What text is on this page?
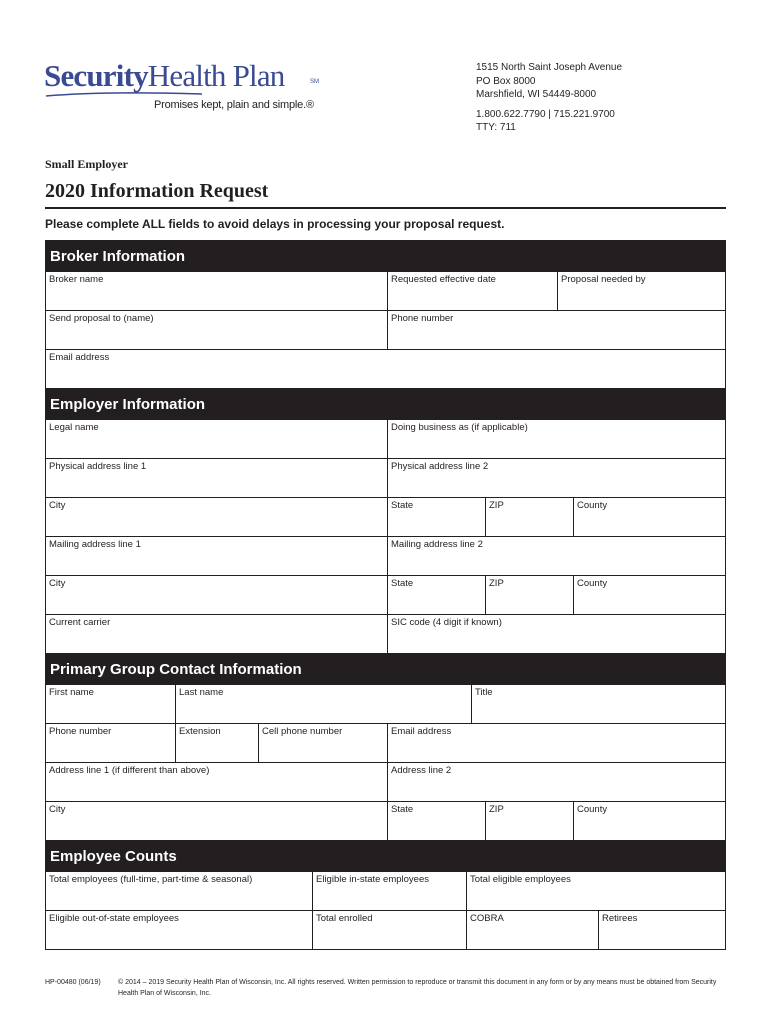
SecurityHealth Plan	SM
Promises kept, plain and simple.®
1515 North Saint Joseph Avenue
PO Box 8000
Marshfield, WI 54449-8000
1.800.622.7790 | 715.221.9700
TTY: 711
Small Employer
2020 Information Request
Please complete ALL fields to avoid delays in processing your proposal request.
Broker Information
Broker name	Requested effective date	Proposal needed by
Send proposal to (name)	Phone number
Email address
Employer Information
Legal name	Doing business as (if applicable)
Physical address line 1	Physical address line 2
City	State	ZIP	County
Mailing address line 1	Mailing address line 2
City	State	ZIP	County
Current carrier	SIC code (4 digit if known)
Primary Group Contact Information
First name	Last name	Title
Phone number	Extension	Cell phone number	Email address
Address line 1 (if different than above)	Address line 2
City	State	ZIP	County
Employee Counts
Total employees (full-time, part-time & seasonal)	Eligible in-state employees	Total eligible employees
Eligible out-of-state employees	Total enrolled	COBRA	Retirees
HP-00480 (06/19) © 2014 – 2019 Security Health Plan of Wisconsin, Inc. All rights reserved. Written permission to reproduce or transmit this document in any form or by any means must be obtained from Security Health Plan of Wisconsin, Inc.
